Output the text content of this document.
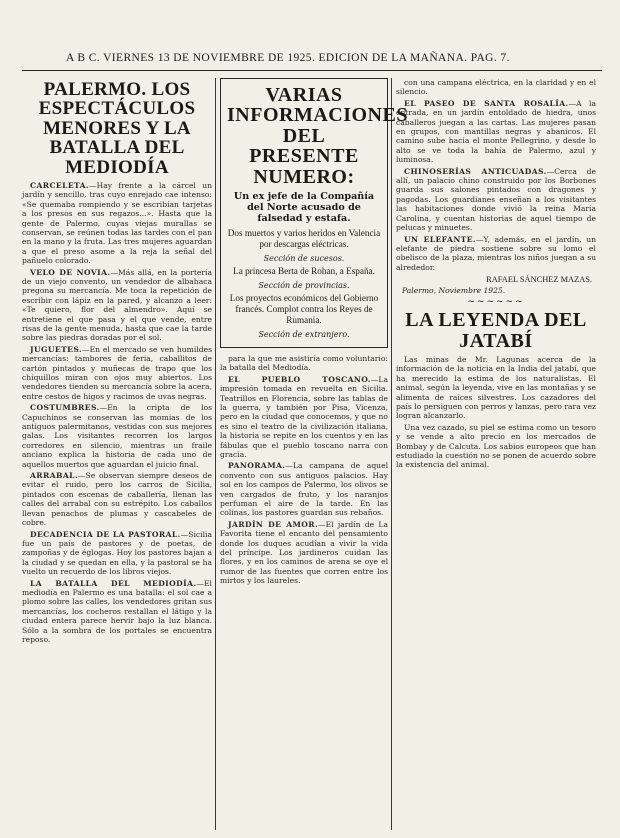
A B C. VIERNES 13 DE NOVIEMBRE DE 1925. EDICION DE LA MAÑANA. PAG. 7.
PALERMO. LOS ESPECTÁCULOS MENORES Y LA BATALLA DEL MEDIODÍA

CARCELETA.—Hay frente a la cárcel un jardín y sencillo, tras cuyo enrejado cae intenso: «Se quemaba rompiendo y se escribían tarjetas a los presos en sus regazos...». Hasta que la gente de Palermo, cuyas viejas murallas se conservan, se reúnen todas las tardes con el pan en la mano y la fruta. Las tres mujeres aguardan a que el preso asome a la reja la señal del pañuelo colorado.

VELO DE NOVIA.—Más allá, en la portería de un viejo convento, un vendedor de albahaca pregona su mercancía. Me toca la repetición de escribir con lápiz en la pared, y alcanzo a leer: «Te quiero, flor del almendro». Aquí se entretiene el que pasa y el que vende, entre risas de la gente menuda, hasta que cae la tarde sobre las piedras doradas por el sol.

JUGUETES.—En el mercado se ven humildes mercancías: tambores de feria, caballitos de cartón pintados y muñecas de trapo que los chiquillos miran con ojos muy abiertos. Los vendedores tienden su mercancía sobre la acera, entre cestos de higos y racimos de uvas negras.

COSTUMBRES.—En la cripta de los Capuchinos se conservan las momias de los antiguos palermitanos, vestidas con sus mejores galas. Los visitantes recorren los largos corredores en silencio, mientras un fraile anciano explica la historia de cada uno de aquellos muertos que aguardan el juicio final.

ARRABAL.—Se observan siempre deseos de evitar el ruido, pero los carros de Sicilia, pintados con escenas de caballería, llenan las calles del arrabal con su estrépito. Los caballos llevan penachos de plumas y cascabeles de cobre.

DECADENCIA DE LA PASTORAL.—Sicilia fue un país de pastores y de poetas, de zampoñas y de églogas. Hoy los pastores bajan a la ciudad y se quedan en ella, y la pastoral se ha vuelto un recuerdo de los libros viejos.

LA BATALLA DEL MEDIODÍA.—El mediodía en Palermo es una batalla: el sol cae a plomo sobre las calles, los vendedores gritan sus mercancías, los cocheros restallan el látigo y la ciudad entera parece hervir bajo la luz blanca. Sólo a la sombra de los portales se encuentra reposo.

VARIAS INFORMACIONES DEL PRESENTE NUMERO:
Un ex jefe de la Compañía del Norte acusado de falsedad y estafa.
Dos muertos y varios heridos en Valencia por descargas eléctricas.
Sección de sucesos.
La princesa Berta de Rohan, a España.
Sección de provincias.
Los proyectos económicos del Gobierno francés. Complot contra los Reyes de Rumania.
Sección de extranjero.

para la que me asistiría como voluntario: la batalla del Mediodía.

EL PUEBLO TOSCANO.—La impresión tomada en revuelta en Sicilia. Teatrillos en Florencia, sobre las tablas de la guerra, y también por Pisa, Vicenza, pero en la ciudad que conocemos, y que no es sino el teatro de la civilización italiana, la historia se repite en los cuentos y en las fábulas que el pueblo toscano narra con gracia.

PANORAMA.—La campana de aquel convento con sus antiguos palacios. Hay sol en los campos de Palermo, los olivos se ven cargados de fruto, y los naranjos perfuman el aire de la tarde. En las colinas, los pastores guardan sus rebaños.

JARDÍN DE AMOR.—El jardín de La Favorita tiene el encanto del pensamiento donde los duques acudían a vivir la vida del príncipe. Los jardineros cuidan las flores, y en los caminos de arena se oye el rumor de las fuentes que corren entre los mirtos y los laureles.

con una campana eléctrica, en la claridad y en el silencio.

EL PASEO DE SANTA ROSALÍA.—A la entrada, en un jardín entoldado de hiedra, unos caballeros juegan a las cartas. Las mujeres pasan en grupos, con mantillas negras y abanicos. El camino sube hacia el monte Pellegrino, y desde lo alto se ve toda la bahía de Palermo, azul y luminosa.

CHINOSERÍAS ANTICUADAS.—Cerca de allí, un palacio chino construido por los Borbones guarda sus salones pintados con dragones y pagodas. Los guardianes enseñan a los visitantes las habitaciones donde vivió la reina María Carolina, y cuentan historias de aquel tiempo de pelucas y minuetes.

UN ELEFANTE.—Y, además, en el jardín, un elefante de piedra sostiene sobre su lomo el obelisco de la plaza, mientras los niños juegan a su alrededor.

RAFAEL SÁNCHEZ MAZAS.
Palermo, Noviembre 1925.
~~~~~~
LA LEYENDA DEL JATABÍ

Las minas de Mr. Lagunas acerca de la información de la noticia en la India del jatabí, que ha merecido la estima de los naturalistas. El animal, según la leyenda, vive en las montañas y se alimenta de raíces silvestres. Los cazadores del país lo persiguen con perros y lanzas, pero rara vez logran alcanzarlo.

Una vez cazado, su piel se estima como un tesoro y se vende a alto precio en los mercados de Bombay y de Calcuta. Los sabios europeos que han estudiado la cuestión no se ponen de acuerdo sobre la existencia del animal.
